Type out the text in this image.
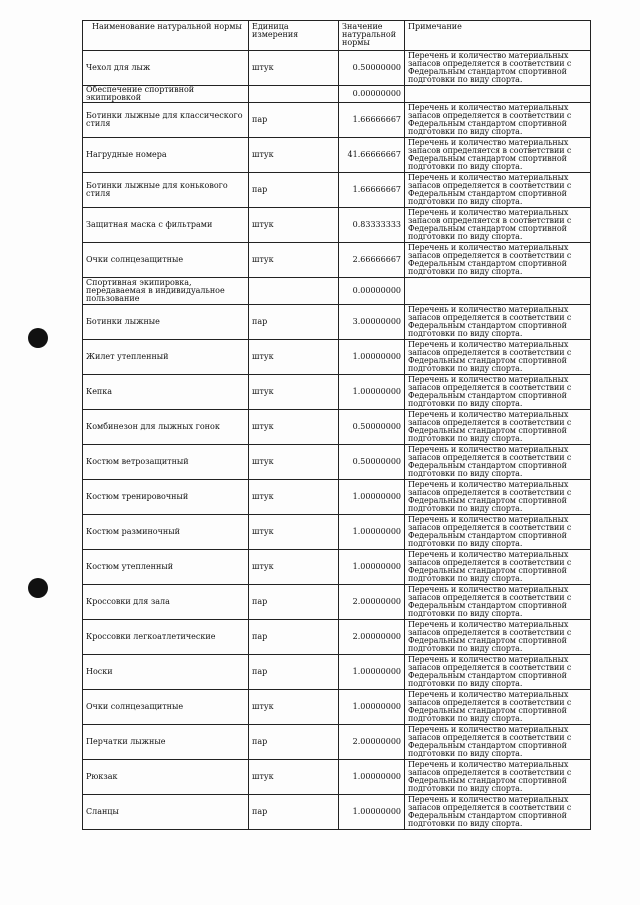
Наименование натуральной нормы	Единица измерения	Значение натуральной нормы	Примечание
Чехол для лыж	штук	0.50000000	Перечень и количество материальных запасов определяется в соответствии с Федеральным стандартом спортивной подготовки по виду спорта.
Обеспечение спортивной экипировкой		0.00000000	
Ботинки лыжные для классического стиля	пар	1.66666667	Перечень и количество материальных запасов определяется в соответствии с Федеральным стандартом спортивной подготовки по виду спорта.
Нагрудные номера	штук	41.66666667	Перечень и количество материальных запасов определяется в соответствии с Федеральным стандартом спортивной подготовки по виду спорта.
Ботинки лыжные для конькового стиля	пар	1.66666667	Перечень и количество материальных запасов определяется в соответствии с Федеральным стандартом спортивной подготовки по виду спорта.
Защитная маска с фильтрами	штук	0.83333333	Перечень и количество материальных запасов определяется в соответствии с Федеральным стандартом спортивной подготовки по виду спорта.
Очки солнцезащитные	штук	2.66666667	Перечень и количество материальных запасов определяется в соответствии с Федеральным стандартом спортивной подготовки по виду спорта.
Спортивная экипировка, передаваемая в индивидуальное пользование		0.00000000	
Ботинки лыжные	пар	3.00000000	Перечень и количество материальных запасов определяется в соответствии с Федеральным стандартом спортивной подготовки по виду спорта.
Жилет утепленный	штук	1.00000000	Перечень и количество материальных запасов определяется в соответствии с Федеральным стандартом спортивной подготовки по виду спорта.
Кепка	штук	1.00000000	Перечень и количество материальных запасов определяется в соответствии с Федеральным стандартом спортивной подготовки по виду спорта.
Комбинезон для лыжных гонок	штук	0.50000000	Перечень и количество материальных запасов определяется в соответствии с Федеральным стандартом спортивной подготовки по виду спорта.
Костюм ветрозащитный	штук	0.50000000	Перечень и количество материальных запасов определяется в соответствии с Федеральным стандартом спортивной подготовки по виду спорта.
Костюм тренировочный	штук	1.00000000	Перечень и количество материальных запасов определяется в соответствии с Федеральным стандартом спортивной подготовки по виду спорта.
Костюм разминочный	штук	1.00000000	Перечень и количество материальных запасов определяется в соответствии с Федеральным стандартом спортивной подготовки по виду спорта.
Костюм утепленный	штук	1.00000000	Перечень и количество материальных запасов определяется в соответствии с Федеральным стандартом спортивной подготовки по виду спорта.
Кроссовки для зала	пар	2.00000000	Перечень и количество материальных запасов определяется в соответствии с Федеральным стандартом спортивной подготовки по виду спорта.
Кроссовки легкоатлетические	пар	2.00000000	Перечень и количество материальных запасов определяется в соответствии с Федеральным стандартом спортивной подготовки по виду спорта.
Носки	пар	1.00000000	Перечень и количество материальных запасов определяется в соответствии с Федеральным стандартом спортивной подготовки по виду спорта.
Очки солнцезащитные	штук	1.00000000	Перечень и количество материальных запасов определяется в соответствии с Федеральным стандартом спортивной подготовки по виду спорта.
Перчатки лыжные	пар	2.00000000	Перечень и количество материальных запасов определяется в соответствии с Федеральным стандартом спортивной подготовки по виду спорта.
Рюкзак	штук	1.00000000	Перечень и количество материальных запасов определяется в соответствии с Федеральным стандартом спортивной подготовки по виду спорта.
Сланцы	пар	1.00000000	Перечень и количество материальных запасов определяется в соответствии с Федеральным стандартом спортивной подготовки по виду спорта.
